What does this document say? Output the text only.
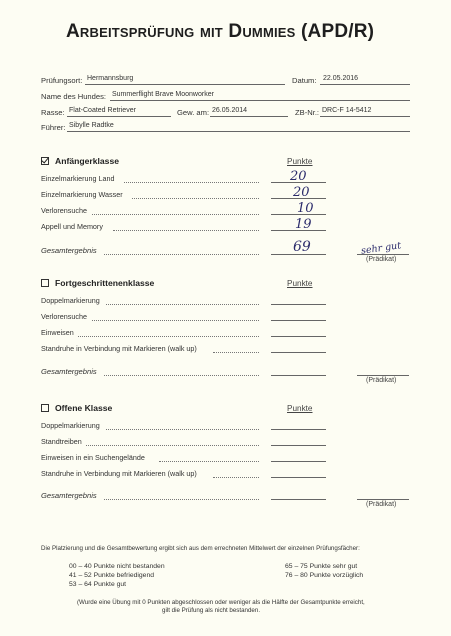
Arbeitsprüfung mit Dummies (APD/R)
Prüfungsort: Hermannsburg	Datum: 22.05.2016
Name des Hundes: Summerflight Brave Moonworker
Rasse: Flat-Coated Retriever	Gew. am: 26.05.2014	ZB-Nr.: DRC-F 14-5412
Führer: Sibylle Radtke
Anfängerklasse	Punkte
Einzelmarkierung Land	20
Einzelmarkierung Wasser	20
Verlorensuche	10
Appell und Memory	19
Gesamtergebnis	69	sehr gut
(Prädikat)
Fortgeschrittenenklasse	Punkte
Doppelmarkierung
Verlorensuche
Einweisen
Standruhe in Verbindung mit Markieren (walk up)
Gesamtergebnis
(Prädikat)
Offene Klasse	Punkte
Doppelmarkierung
Standtreiben
Einweisen in ein Suchengelände
Standruhe in Verbindung mit Markieren (walk up)
Gesamtergebnis
(Prädikat)
Die Platzierung und die Gesamtbewertung ergibt sich aus dem errechneten Mittelwert der einzelnen Prüfungsfächer:
00 – 40 Punkte nicht bestanden
41 – 52 Punkte befriedigend
53 – 64 Punkte gut
65 – 75 Punkte sehr gut
76 – 80 Punkte vorzüglich
(Wurde eine Übung mit 0 Punkten abgeschlossen oder weniger als die Hälfte der Gesamtpunkte erreicht,
gilt die Prüfung als nicht bestanden.
